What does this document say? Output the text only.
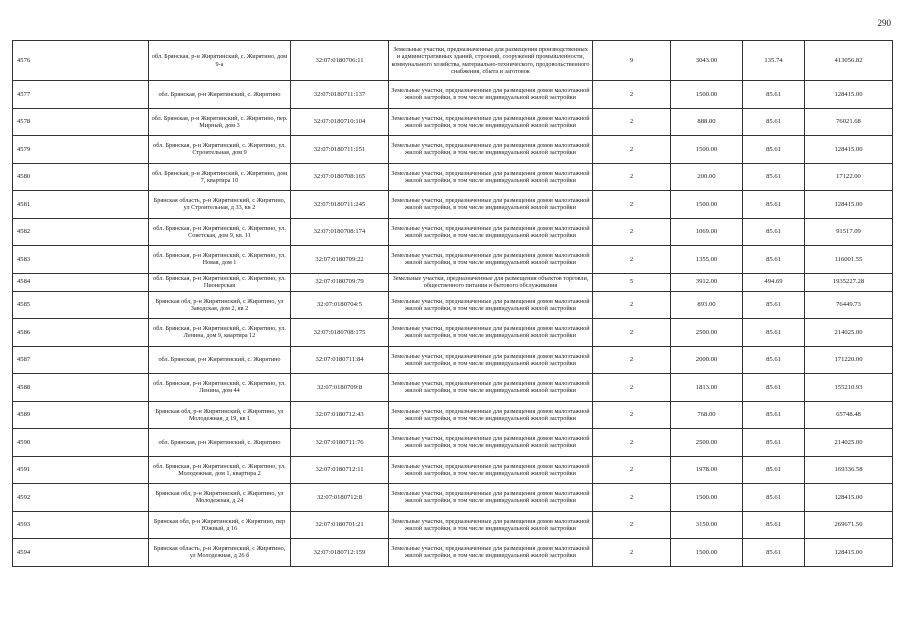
290
4576	обл. Брянская, р-н Жирятинский, с. Жирятино, дом 9-а	32:07:0180706:11	Земельные участки, предназначенные для размещения производственных и административных зданий, строений, сооружений промышленности, коммунального хозяйства, материально-технического, продовольственного снабжения, сбыта и заготовок	9	3043.00	135.74	413056.82
4577	обл. Брянская, р-н Жирятинский, с. Жирятино	32:07:0180711:137	Земельные участки, предназначенные для размещения домов малоэтажной жилой застройки, в том числе индивидуальной жилой застройки	2	1500.00	85.61	128415.00
4578	обл. Брянская, р-н Жирятинский, с. Жирятино, пер. Мирный, дом 3	32:07:0180710:104	Земельные участки, предназначенные для размещения домов малоэтажной жилой застройки, в том числе индивидуальной жилой застройки	2	888.00	85.61	76021.68
4579	обл. Брянская, р-н Жирятинский, с. Жирятино, ул. Строительная, дом 9	32:07:0180711:151	Земельные участки, предназначенные для размещения домов малоэтажной жилой застройки, в том числе индивидуальной жилой застройки	2	1500.00	85.61	128415.00
4580	обл. Брянская, р-н Жирятинский, с. Жирятино, дом 7, квартира 10	32:07:0180708:165	Земельные участки, предназначенные для размещения домов малоэтажной жилой застройки, в том числе индивидуальной жилой застройки	2	200.00	85.61	17122.00
4581	Брянская область, р-н Жирятинский, с Жирятино, ул Строительная, д 33, кв 2	32:07:0180711:245	Земельные участки, предназначенные для размещения домов малоэтажной жилой застройки, в том числе индивидуальной жилой застройки	2	1500.00	85.61	128415.00
4582	обл. Брянская, р-н Жирятинский, с. Жирятино, ул. Советская, дом 9, кв. 11	32:07:0180708:174	Земельные участки, предназначенные для размещения домов малоэтажной жилой застройки, в том числе индивидуальной жилой застройки	2	1069.00	85.61	91517.09
4583	обл. Брянская, р-н Жирятинский, с. Жирятино, ул. Новая, дом 1	32:07:0180709:22	Земельные участки, предназначенные для размещения домов малоэтажной жилой застройки, в том числе индивидуальной жилой застройки	2	1355.00	85.61	116001.55
4584	обл. Брянская, р-н Жирятинский, с. Жирятино, ул. Пионерская	32:07:0180709:79	Земельные участки, предназначенные для размещения объектов торговли, общественного питания и бытового обслуживания	5	3912.00	494.69	1935227.28
4585	Брянская обл, р-н Жирятинский, с Жирятино, ул Заводская, дом 2, кв 2	32:07:0180704:5	Земельные участки, предназначенные для размещения домов малоэтажной жилой застройки, в том числе индивидуальной жилой застройки	2	893.00	85.61	76449.73
4586	обл. Брянская, р-н Жирятинский, с. Жирятино, ул. Ленина, дом 9, квартира 12	32:07:0180708:175	Земельные участки, предназначенные для размещения домов малоэтажной жилой застройки, в том числе индивидуальной жилой застройки	2	2500.00	85.61	214025.00
4587	обл. Брянская, р-н Жирятинский, с. Жирятино	32:07:0180711:84	Земельные участки, предназначенные для размещения домов малоэтажной жилой застройки, в том числе индивидуальной жилой застройки	2	2000.00	85.61	171220.00
4588	обл. Брянская, р-н Жирятинский, с. Жирятино, ул. Ленина, дом 44	32:07:0180709:8	Земельные участки, предназначенные для размещения домов малоэтажной жилой застройки, в том числе индивидуальной жилой застройки	2	1813.00	85.61	155210.93
4589	Брянская обл, р-н Жирятинский, с Жирятино, ул Молодежная, д 19, кв 1	32:07:0180712:43	Земельные участки, предназначенные для размещения домов малоэтажной жилой застройки, в том числе индивидуальной жилой застройки	2	768.00	85.61	65748.48
4590	обл. Брянская, р-н Жирятинский, с. Жирятино	32:07:0180711:76	Земельные участки, предназначенные для размещения домов малоэтажной жилой застройки, в том числе индивидуальной жилой застройки	2	2500.00	85.61	214025.00
4591	обл. Брянская, р-н Жирятинский, с. Жирятино, ул. Молодежная, дом 1, квартира 2	32:07:0180712:11	Земельные участки, предназначенные для размещения домов малоэтажной жилой застройки, в том числе индивидуальной жилой застройки	2	1978.00	85.61	169336.58
4592	Брянская обл, р-н Жирятинский, с Жирятино, ул Молодежная, д 24	32:07:0180712:8	Земельные участки, предназначенные для размещения домов малоэтажной жилой застройки, в том числе индивидуальной жилой застройки	2	1500.00	85.61	128415.00
4593	Брянская обл, р-н Жирятинский, с Жирятино, пер Южный, д 16	32:07:0180701:21	Земельные участки, предназначенные для размещения домов малоэтажной жилой застройки, в том числе индивидуальной жилой застройки	2	3150.00	85.61	269671.50
4594	Брянская область, р-н Жирятинский, с Жирятино, ул Молодежная, д 26 б	32:07:0180712:159	Земельные участки, предназначенные для размещения домов малоэтажной жилой застройки, в том числе индивидуальной жилой застройки	2	1500.00	85.61	128415.00
